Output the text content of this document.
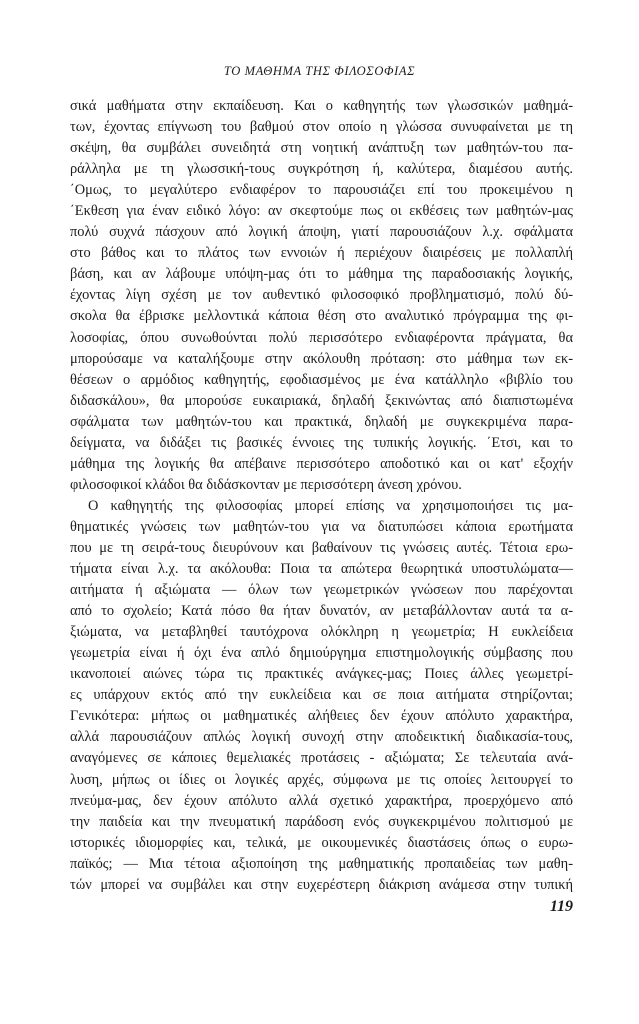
ΤΟ ΜΑΘΗΜΑ ΤΗΣ ΦΙΛΟΣΟΦΙΑΣ
σικά μαθήματα στην εκπαίδευση. Και ο καθηγητής των γλωσσικών μαθημά-
των, έχοντας επίγνωση του βαθμού στον οποίο η γλώσσα συνυφαίνεται με τη
σκέψη, θα συμβάλει συνειδητά στη νοητική ανάπτυξη των μαθητών-του πα-
ράλληλα με τη γλωσσική-τους συγκρότηση ή, καλύτερα, διαμέσου αυτής.
΄Ομως, το μεγαλύτερο ενδιαφέρον το παρουσιάζει επί του προκειμένου η
΄Εκθεση για έναν ειδικό λόγο: αν σκεφτούμε πως οι εκθέσεις των μαθητών-μας
πολύ συχνά πάσχουν από λογική άποψη, γιατί παρουσιάζουν λ.χ. σφάλματα
στο βάθος και το πλάτος των εννοιών ή περιέχουν διαιρέσεις με πολλαπλή
βάση, και αν λάβουμε υπόψη-μας ότι το μάθημα της παραδοσιακής λογικής,
έχοντας λίγη σχέση με τον αυθεντικό φιλοσοφικό προβληματισμό, πολύ δύ-
σκολα θα έβρισκε μελλοντικά κάποια θέση στο αναλυτικό πρόγραμμα της φι-
λοσοφίας, όπου συνωθούνται πολύ περισσότερο ενδιαφέροντα πράγματα, θα
μπορούσαμε να καταλήξουμε στην ακόλουθη πρόταση: στο μάθημα των εκ-
θέσεων ο αρμόδιος καθηγητής, εφοδιασμένος με ένα κατάλληλο «βιβλίο του
διδασκάλου», θα μπορούσε ευκαιριακά, δηλαδή ξεκινώντας από διαπιστωμένα
σφάλματα των μαθητών-του και πρακτικά, δηλαδή με συγκεκριμένα παρα-
δείγματα, να διδάξει τις βασικές έννοιες της τυπικής λογικής. ΄Ετσι, και το
μάθημα της λογικής θα απέβαινε περισσότερο αποδοτικό και οι κατ' εξοχήν
φιλοσοφικοί κλάδοι θα διδάσκονταν με περισσότερη άνεση χρόνου.
Ο καθηγητής της φιλοσοφίας μπορεί επίσης να χρησιμοποιήσει τις μα-
θηματικές γνώσεις των μαθητών-του για να διατυπώσει κάποια ερωτήματα
που με τη σειρά-τους διευρύνουν και βαθαίνουν τις γνώσεις αυτές. Τέτοια ερω-
τήματα είναι λ.χ. τα ακόλουθα: Ποια τα απώτερα θεωρητικά υποστυλώματα—
αιτήματα ή αξιώματα — όλων των γεωμετρικών γνώσεων που παρέχονται
από το σχολείο; Κατά πόσο θα ήταν δυνατόν, αν μεταβάλλονταν αυτά τα α-
ξιώματα, να μεταβληθεί ταυτόχρονα ολόκληρη η γεωμετρία; Η ευκλείδεια
γεωμετρία είναι ή όχι ένα απλό δημιούργημα επιστημολογικής σύμβασης που
ικανοποιεί αιώνες τώρα τις πρακτικές ανάγκες-μας; Ποιες άλλες γεωμετρί-
ες υπάρχουν εκτός από την ευκλείδεια και σε ποια αιτήματα στηρίζονται;
Γενικότερα: μήπως οι μαθηματικές αλήθειες δεν έχουν απόλυτο χαρακτήρα,
αλλά παρουσιάζουν απλώς λογική συνοχή στην αποδεικτική διαδικασία-τους,
αναγόμενες σε κάποιες θεμελιακές προτάσεις - αξιώματα; Σε τελευταία ανά-
λυση, μήπως οι ίδιες οι λογικές αρχές, σύμφωνα με τις οποίες λειτουργεί το
πνεύμα-μας, δεν έχουν απόλυτο αλλά σχετικό χαρακτήρα, προερχόμενο από
την παιδεία και την πνευματική παράδοση ενός συγκεκριμένου πολιτισμού με
ιστορικές ιδιομορφίες και, τελικά, με οικουμενικές διαστάσεις όπως ο ευρω-
παϊκός; — Μια τέτοια αξιοποίηση της μαθηματικής προπαιδείας των μαθη-
τών μπορεί να συμβάλει και στην ευχερέστερη διάκριση ανάμεσα στην τυπική
119
